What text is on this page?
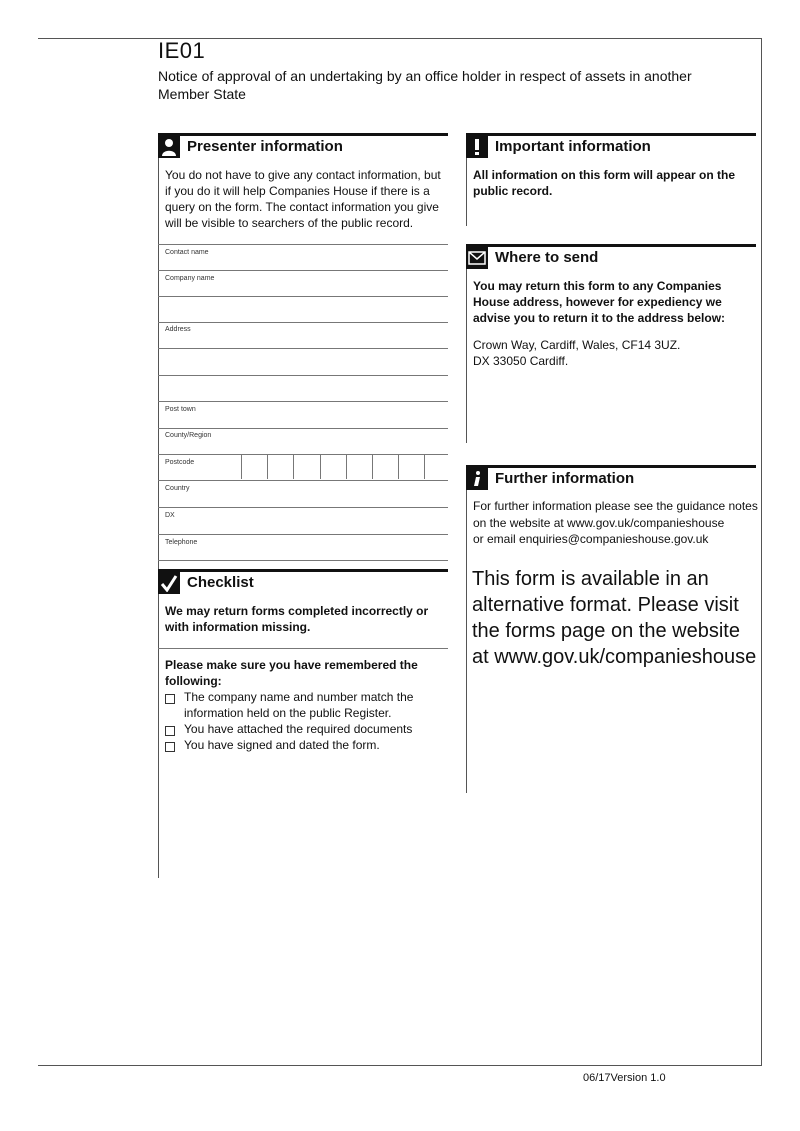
IE01
Notice of approval of an undertaking by an office holder in respect of assets in another Member State
Presenter information
You do not have to give any contact information, but if you do it will help Companies House if there is a query on the form. The contact information you give will be visible to searchers of the public record.
Contact name
Company name
Address
Post town
County/Region
Postcode
Country
DX
Telephone
Checklist
We may return forms completed incorrectly or with information missing.
Please make sure you have remembered the following:
The company name and number match the information held on the public Register.
You have attached the required documents
You have signed and dated the form.
Important information
All information on this form will appear on the public record.
Where to send
You may return this form to any Companies House address, however for expediency we advise you to return it to the address below:
Crown Way, Cardiff, Wales, CF14 3UZ.
DX 33050 Cardiff.
Further information
For further information please see the guidance notes
on the website at www.gov.uk/companieshouse
or email enquiries@companieshouse.gov.uk
This form is available in an alternative format. Please visit the forms page on the website at www.gov.uk/companieshouse
06/17Version 1.0
